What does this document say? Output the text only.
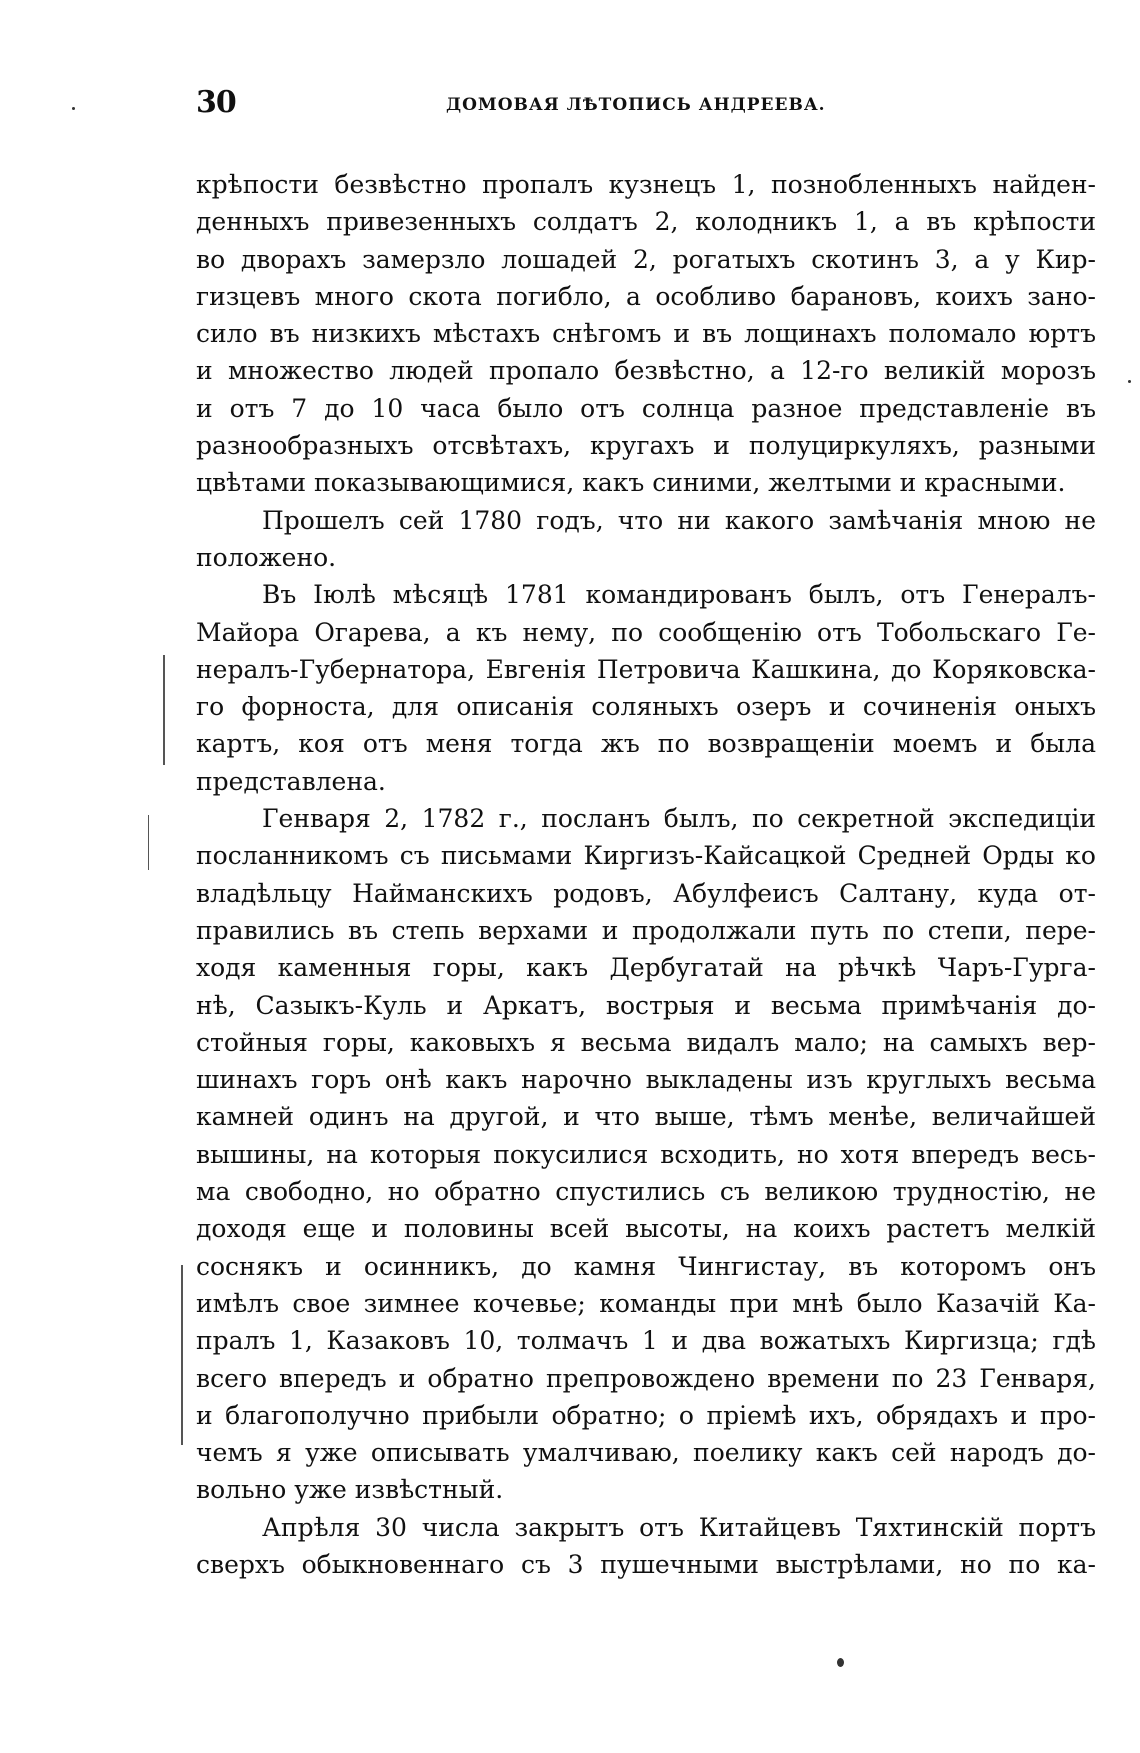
30	ДОМОВАЯ ЛѢТОПИСЬ АНДРЕЕВА.
крѣпости безвѣстно пропалъ кузнецъ 1, познобленныхъ найден-
денныхъ привезенныхъ солдатъ 2, колодникъ 1, а въ крѣпости
во дворахъ замерзло лошадей 2, рогатыхъ скотинъ 3, а у Кир-
гизцевъ много скота погибло, а особливо барановъ, коихъ зано-
сило въ низкихъ мѣстахъ снѣгомъ и въ лощинахъ поломало юртъ
и множество людей пропало безвѣстно, а 12-го великій морозъ
и отъ 7 до 10 часа было отъ солнца разное представленіе въ
разнообразныхъ отсвѣтахъ, кругахъ и полуциркуляхъ, разными
цвѣтами показывающимися, какъ синими, желтыми и красными.
Прошелъ сей 1780 годъ, что ни какого замѣчанія мною не
положено.
Въ Іюлѣ мѣсяцѣ 1781 командированъ былъ, отъ Генералъ-
Майора Огарева, а къ нему, по сообщенію отъ Тобольскаго Ге-
нералъ-Губернатора, Евгенія Петровича Кашкина, до Коряковска-
го форноста, для описанія соляныхъ озеръ и сочиненія оныхъ
картъ, коя отъ меня тогда жъ по возвращеніи моемъ и была
представлена.
Генваря 2, 1782 г., посланъ былъ, по секретной экспедиціи
посланникомъ съ письмами Киргизъ-Кайсацкой Средней Орды ко
владѣльцу Найманскихъ родовъ, Абулфеисъ Салтану, куда от-
правились въ степь верхами и продолжали путь по степи, пере-
ходя каменныя горы, какъ Дербугатай на рѣчкѣ Чаръ-Гурга-
нѣ, Сазыкъ-Куль и Аркатъ, вострыя и весьма примѣчанія до-
стойныя горы, каковыхъ я весьма видалъ мало; на самыхъ вер-
шинахъ горъ онѣ какъ нарочно выкладены изъ круглыхъ весьма
камней одинъ на другой, и что выше, тѣмъ менѣе, величайшей
вышины, на которыя покусилися всходить, но хотя впередъ весь-
ма свободно, но обратно спустились съ великою трудностію, не
доходя еще и половины всей высоты, на коихъ растетъ мелкій
соснякъ и осинникъ, до камня Чингистау, въ которомъ онъ
имѣлъ свое зимнее кочевье; команды при мнѣ было Казачій Ка-
пралъ 1, Казаковъ 10, толмачъ 1 и два вожатыхъ Киргизца; гдѣ
всего впередъ и обратно препровождено времени по 23 Генваря,
и благополучно прибыли обратно; о пріемѣ ихъ, обрядахъ и про-
чемъ я уже описывать умалчиваю, поелику какъ сей народъ до-
вольно уже извѣстный.
Апрѣля 30 числа закрытъ отъ Китайцевъ Тяхтинскій портъ
сверхъ обыкновеннаго съ 3 пушечными выстрѣлами, но по ка-
